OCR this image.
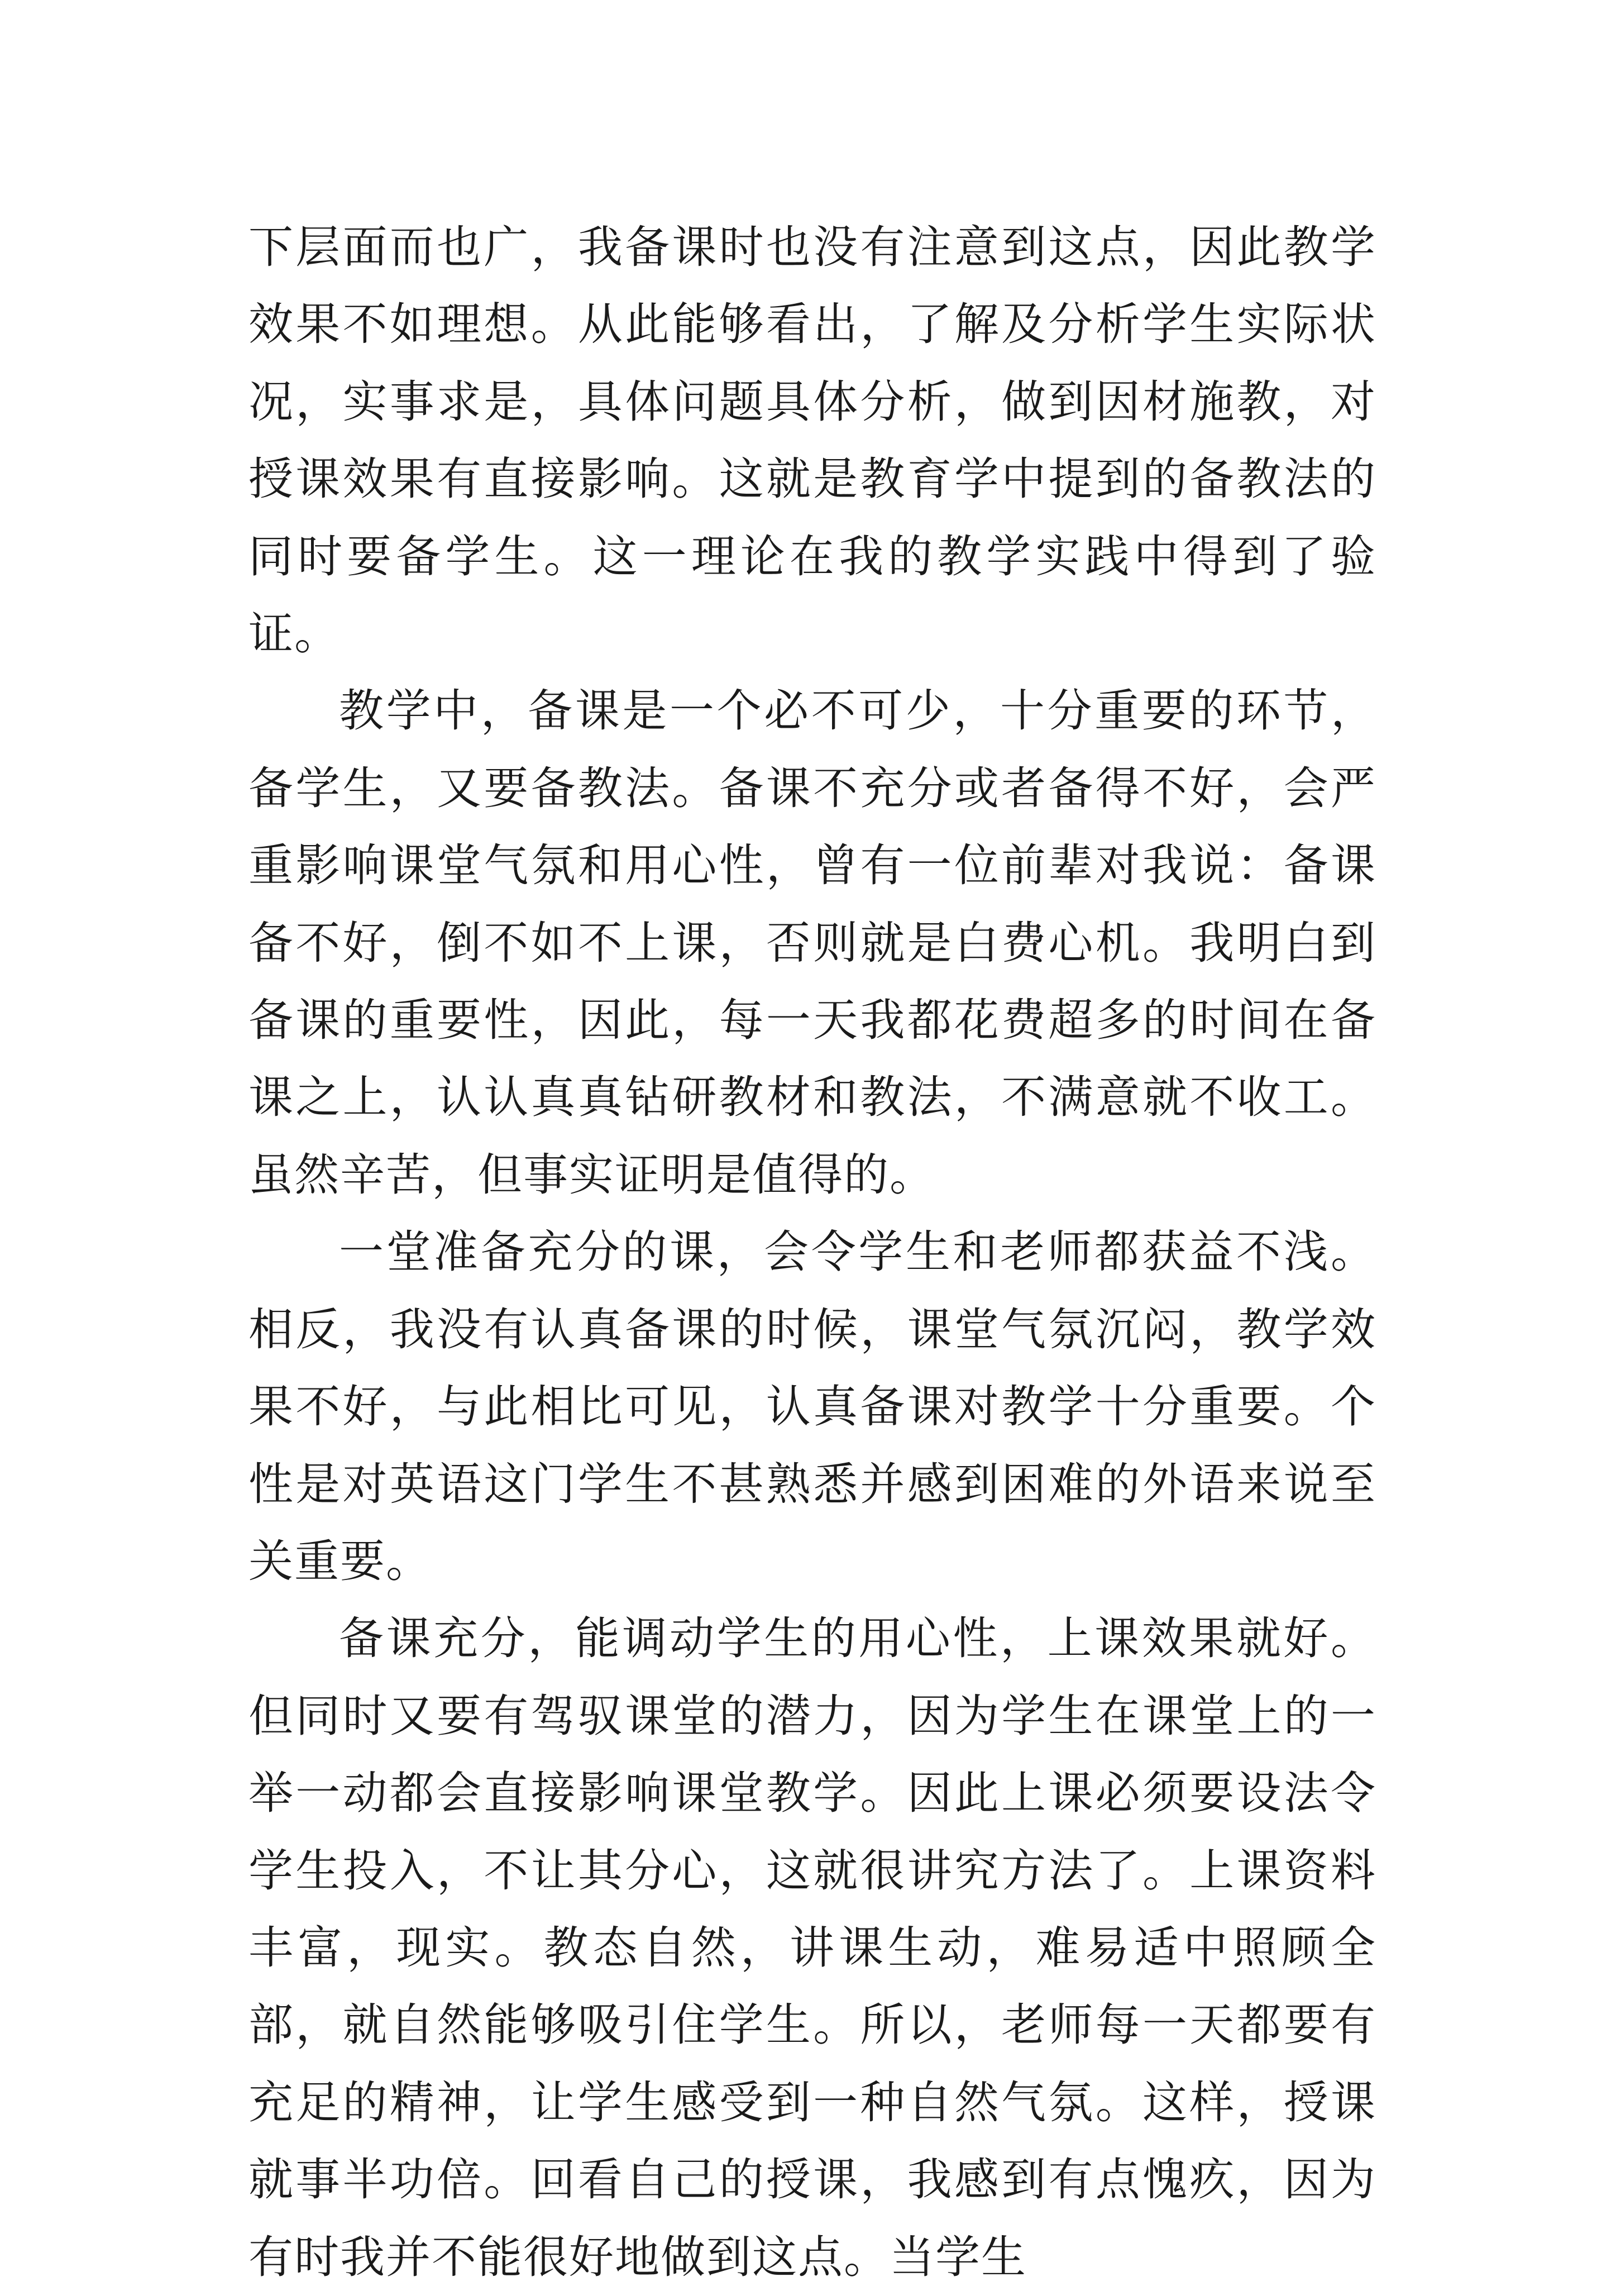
下层面而也广，我备课时也没有注意到这点，因此教学效果不如理想。从此能够看出，了解及分析学生实际状况，实事求是，具体问题具体分析，做到因材施教，对授课效果有直接影响。这就是教育学中提到的备教法的同时要备学生。这一理论在我的教学实践中得到了验证。

教学中，备课是一个必不可少，十分重要的环节，备学生，又要备教法。备课不充分或者备得不好，会严重影响课堂气氛和用心性，曾有一位前辈对我说：备课备不好，倒不如不上课，否则就是白费心机。我明白到备课的重要性，因此，每一天我都花费超多的时间在备课之上，认认真真钻研教材和教法，不满意就不收工。虽然辛苦，但事实证明是值得的。

一堂准备充分的课，会令学生和老师都获益不浅。相反，我没有认真备课的时候，课堂气氛沉闷，教学效果不好，与此相比可见，认真备课对教学十分重要。个性是对英语这门学生不甚熟悉并感到困难的外语来说至关重要。

备课充分，能调动学生的用心性，上课效果就好。但同时又要有驾驭课堂的潜力，因为学生在课堂上的一举一动都会直接影响课堂教学。因此上课必须要设法令学生投入，不让其分心，这就很讲究方法了。上课资料丰富，现实。教态自然，讲课生动，难易适中照顾全部，就自然能够吸引住学生。所以，老师每一天都要有充足的精神，让学生感受到一种自然气氛。这样，授课就事半功倍。回看自己的授课，我感到有点愧疚，因为有时我并不能很好地做到这点。当学生
